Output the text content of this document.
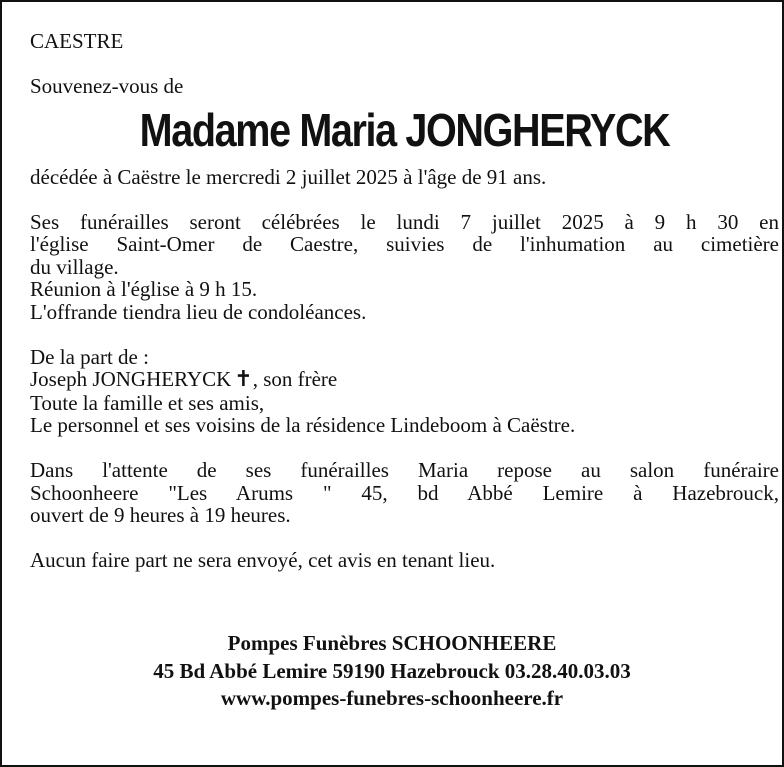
CAESTRE
Souvenez-vous de
Madame Maria JONGHERYCK
décédée à Caëstre le mercredi 2 juillet 2025 à l'âge de 91 ans.
Ses funérailles seront célébrées le lundi 7 juillet 2025 à 9 h 30 en
l'église Saint-Omer de Caestre, suivies de l'inhumation au cimetière
du village.
Réunion à l'église à 9 h 15.
L'offrande tiendra lieu de condoléances.
De la part de :
Joseph JONGHERYCK ✝, son frère
Toute la famille et ses amis,
Le personnel et ses voisins de la résidence Lindeboom à Caëstre.
Dans l'attente de ses funérailles Maria repose au salon funéraire
Schoonheere "Les Arums " 45, bd Abbé Lemire à Hazebrouck,
ouvert de 9 heures à 19 heures.
Aucun faire part ne sera envoyé, cet avis en tenant lieu.
Pompes Funèbres SCHOONHEERE
45 Bd Abbé Lemire 59190 Hazebrouck 03.28.40.03.03
www.pompes-funebres-schoonheere.fr
